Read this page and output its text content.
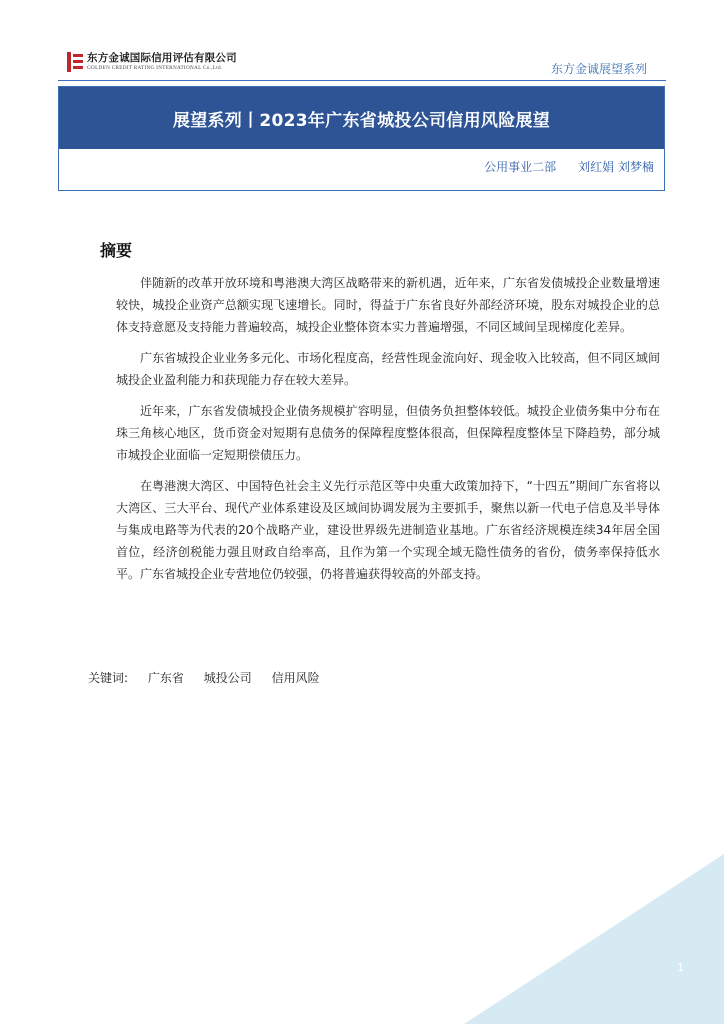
东方金诚国际信用评估有限公司
GOLDEN CREDIT RATING INTERNATIONAL Co.,Ltd.	东方金诚展望系列
展望系列丨2023年广东省城投公司信用风险展望
公用事业二部 刘红娟 刘梦楠
摘要

伴随新的改革开放环境和粤港澳大湾区战略带来的新机遇，近年来，广东省发债城投企业数量增速较快，城投企业资产总额实现飞速增长。同时，得益于广东省良好外部经济环境，股东对城投企业的总体支持意愿及支持能力普遍较高，城投企业整体资本实力普遍增强，不同区域间呈现梯度化差异。

广东省城投企业业务多元化、市场化程度高，经营性现金流向好、现金收入比较高，但不同区域间城投企业盈利能力和获现能力存在较大差异。

近年来，广东省发债城投企业债务规模扩容明显，但债务负担整体较低。城投企业债务集中分布在珠三角核心地区，货币资金对短期有息债务的保障程度整体很高，但保障程度整体呈下降趋势，部分城市城投企业面临一定短期偿债压力。

在粤港澳大湾区、中国特色社会主义先行示范区等中央重大政策加持下，“十四五”期间广东省将以大湾区、三大平台、现代产业体系建设及区域间协调发展为主要抓手，聚焦以新一代电子信息及半导体与集成电路等为代表的20个战略产业，建设世界级先进制造业基地。广东省经济规模连续34年居全国首位，经济创税能力强且财政自给率高，且作为第一个实现全域无隐性债务的省份，债务率保持低水平。广东省城投企业专营地位仍较强，仍将普遍获得较高的外部支持。

关键词: 广东省 城投公司 信用风险
1
